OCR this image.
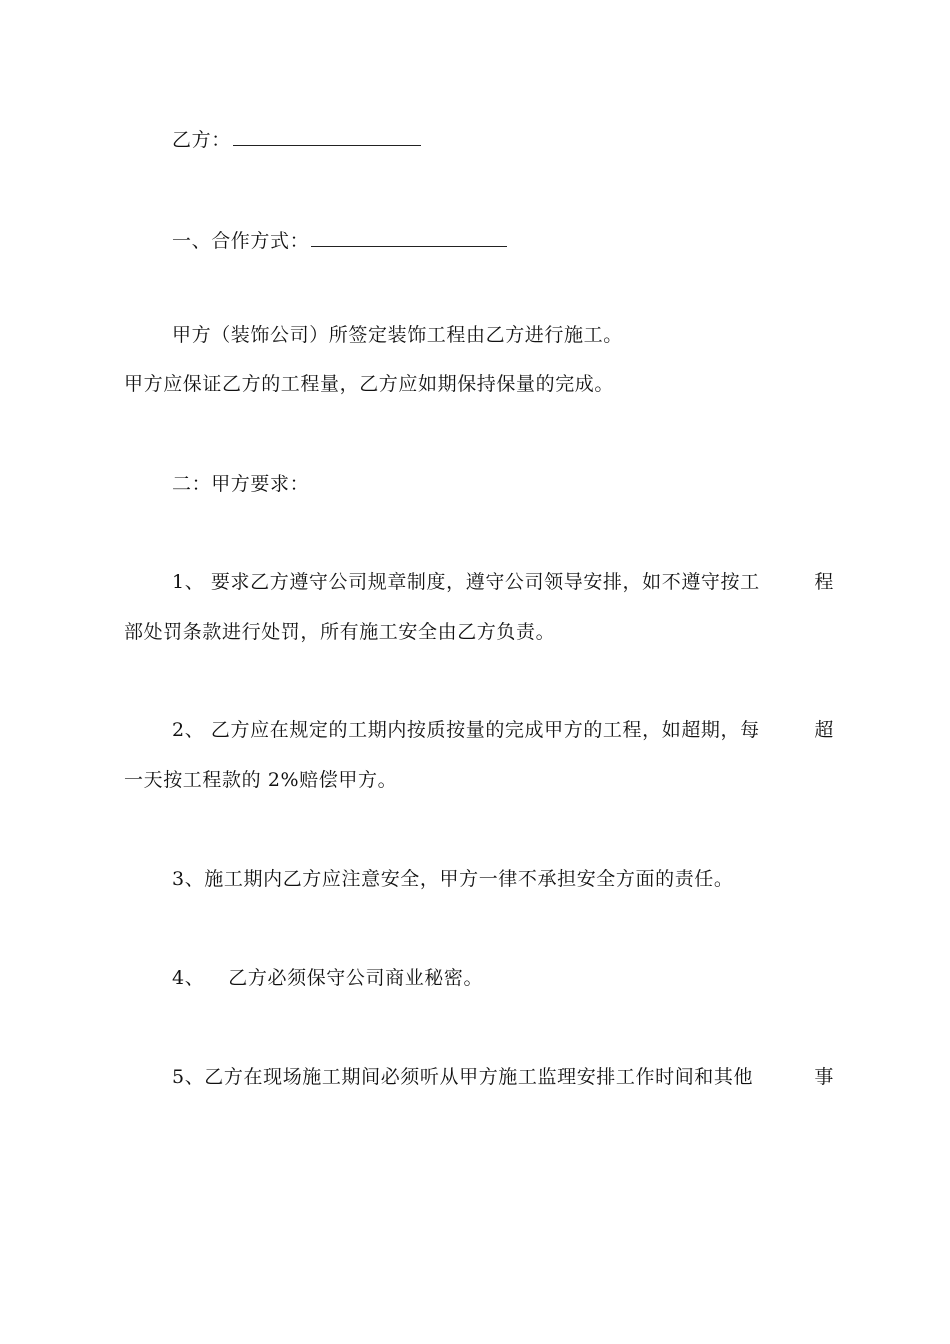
乙方：
一、合作方式：
甲方（装饰公司）所签定装饰工程由乙方进行施工。
甲方应保证乙方的工程量，乙方应如期保持保量的完成。
二：甲方要求：
1、 要求乙方遵守公司规章制度，遵守公司领导安排，如不遵守按工	程
部处罚条款进行处罚，所有施工安全由乙方负责。
2、 乙方应在规定的工期内按质按量的完成甲方的工程，如超期，每	超
一天按工程款的 2%赔偿甲方。
3、施工期内乙方应注意安全，甲方一律不承担安全方面的责任。
4、 乙方必须保守公司商业秘密。
5、乙方在现场施工期间必须听从甲方施工监理安排工作时间和其他	事
